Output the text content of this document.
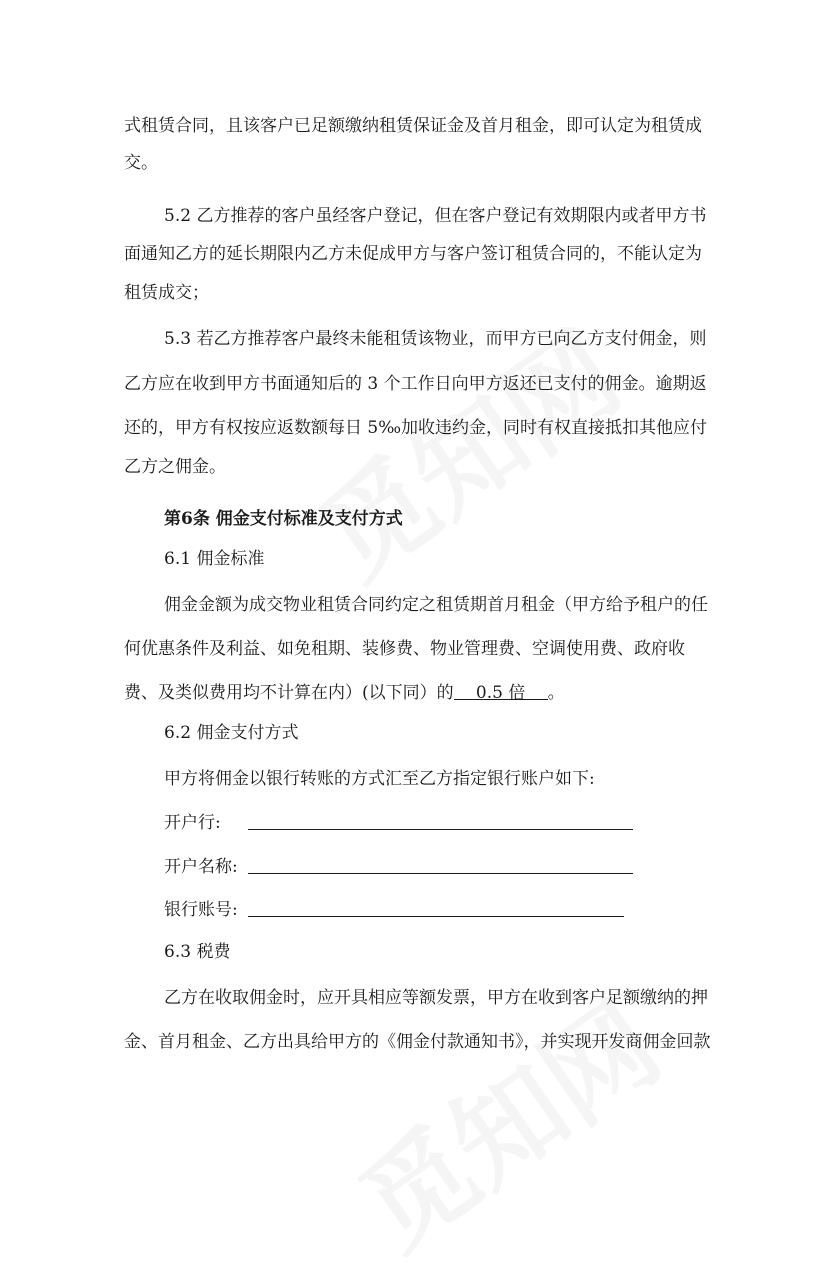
式租赁合同，且该客户已足额缴纳租赁保证金及首月租金，即可认定为租赁成
交。
5.2 乙方推荐的客户虽经客户登记，但在客户登记有效期限内或者甲方书
面通知乙方的延长期限内乙方未促成甲方与客户签订租赁合同的，不能认定为
租赁成交；
5.3 若乙方推荐客户最终未能租赁该物业，而甲方已向乙方支付佣金，则
乙方应在收到甲方书面通知后的 3 个工作日向甲方返还已支付的佣金。逾期返
还的，甲方有权按应返数额每日 5‰加收违约金，同时有权直接抵扣其他应付
乙方之佣金。
第6条 佣金支付标准及支付方式
6.1 佣金标准
佣金金额为成交物业租赁合同约定之租赁期首月租金（甲方给予租户的任
何优惠条件及利益、如免租期、装修费、物业管理费、空调使用费、政府收
费、及类似费用均不计算在内）(以下同）的 0.5 倍 。
6.2 佣金支付方式
甲方将佣金以银行转账的方式汇至乙方指定银行账户如下:
开户行:
开户名称:
银行账号:
6.3 税费
乙方在收取佣金时，应开具相应等额发票，甲方在收到客户足额缴纳的押
金、首月租金、乙方出具给甲方的《佣金付款通知书》，并实现开发商佣金回款
